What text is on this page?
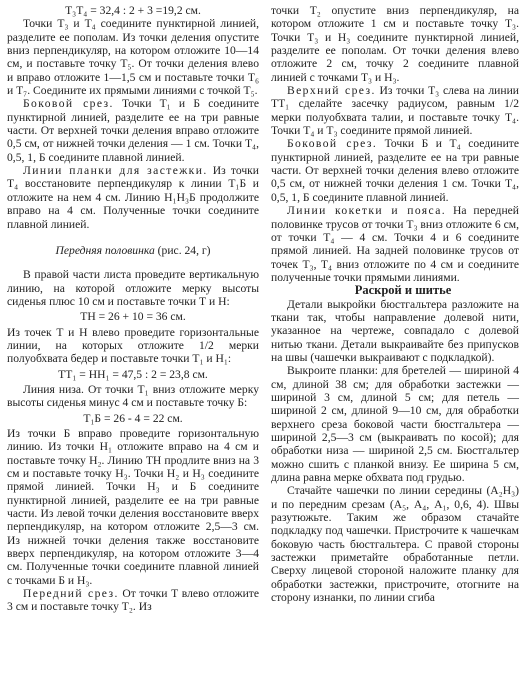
Т₃Т₄ = 32,4 : 2 + 3 =19,2 см.

Точки Т₃ и Т₄ соедините пунктирной линией, разделите ее пополам. Из точки деления опустите вниз перпендикуляр, на котором отложите 10—14 см, и поставьте точку Т₅. От точки деления влево и вправо отложите 1—1,5 см и поставьте точки Т₆ и Т₇. Соедините их прямыми линиями с точкой Т₅.

Боковой срез. Точки Т₁ и Б соедините пунктирной линией, разделите ее на три равные части. От верхней точки деления вправо отложите 0,5 см, от нижней точки деления — 1 см. Точки Т₄, 0,5, 1, Б соедините плавной линией.

Линии планки для застежки. Из точки Т₄ восстановите перпендикуляр к линии Т₁Б и отложите на нем 4 см. Линию Н₁Н₃Б продолжите вправо на 4 см. Полученные точки соедините плавной линией.

Передняя половинка (рис. 24, г)

В правой части листа проведите вертикальную линию, на которой отложите мерку высоты сиденья плюс 10 см и поставьте точки Т и Н:

ТН = 26 + 10 = 36 см.

Из точек Т и Н влево проведите горизонтальные линии, на которых отложите 1/2 мерки полуобхвата бедер и поставьте точки Т₁ и Н₁:

ТТ₁ = НН₁ = 47,5 : 2 = 23,8 см.

Линия низа. От точки Т₁ вниз отложите мерку высоты сиденья минус 4 см и поставьте точку Б:

Т₁Б = 26 - 4 = 22 см.

Из точки Б вправо проведите горизонтальную линию. Из точки Н₁ отложите вправо на 4 см и поставьте точку Н₂. Линию ТН продлите вниз на 3 см и поставьте точку Н₃. Точки Н₂ и Н₃ соедините прямой линией. Точки Н₃ и Б соедините пунктирной линией, разделите ее на три равные части. Из левой точки деления восстановите вверх перпендикуляр, на котором отложите 2,5—3 см. Из нижней точки деления также восстановите вверх перпендикуляр, на котором отложите 3—4 см. Полученные точки соедините плавной линией с точками Б и Н₃.

Передний срез. От точки Т влево отложите 3 см и поставьте точку Т₂. Из

точки Т₂ опустите вниз перпендикуляр, на котором отложите 1 см и поставьте точку Т₃. Точки Т₃ и Н₃ соедините пунктирной линией, разделите ее пополам. От точки деления влево отложите 2 см, точку 2 соедините плавной линией с точками Т₃ и Н₃.

Верхний срез. Из точки Т₃ слева на линии ТТ₁ сделайте засечку радиусом, равным 1/2 мерки полуобхвата талии, и поставьте точку Т₄. Точки Т₄ и Т₃ соедините прямой линией.

Боковой срез. Точки Б и Т₄ соедините пунктирной линией, разделите ее на три равные части. От верхней точки деления влево отложите 0,5 см, от нижней точки деления 1 см. Точки Т₄, 0,5, 1, Б соедините плавной линией.

Линии кокетки и пояса. На передней половинке трусов от точки Т₃ вниз отложите 6 см, от точки Т₄ — 4 см. Точки 4 и 6 соедините прямой линией. На задней половинке трусов от точек Т₃, Т₄ вниз отложите по 4 см и соедините полученные точки прямыми линиями.

Раскрой и шитье

Детали выкройки бюстгальтера разложите на ткани так, чтобы направление долевой нити, указанное на чертеже, совпадало с долевой нитью ткани. Детали выкраивайте без припусков на швы (чашечки выкраивают с подкладкой).

Выкроите планки: для бретелей — шириной 4 см, длиной 38 см; для обработки застежки — шириной 3 см, длиной 5 см; для петель — шириной 2 см, длиной 9—10 см, для обработки верхнего среза боковой части бюстгальтера — шириной 2,5—3 см (выкраивать по косой); для обработки низа — шириной 2,5 см. Бюстгальтер можно сшить с планкой внизу. Ее ширина 5 см, длина равна мерке обхвата под грудью.

Стачайте чашечки по линии середины (А₂Н₃) и по передним срезам (А₅, А₄, А₁, 0,6, 4). Швы разутюжьте. Таким же образом стачайте подкладку под чашечки. Пристрочите к чашечкам боковую часть бюстгальтера. С правой стороны застежки приметайте обработанные петли. Сверху лицевой стороной наложите планку для обработки застежки, пристрочите, отогните на сторону изнанки, по линии сгиба
